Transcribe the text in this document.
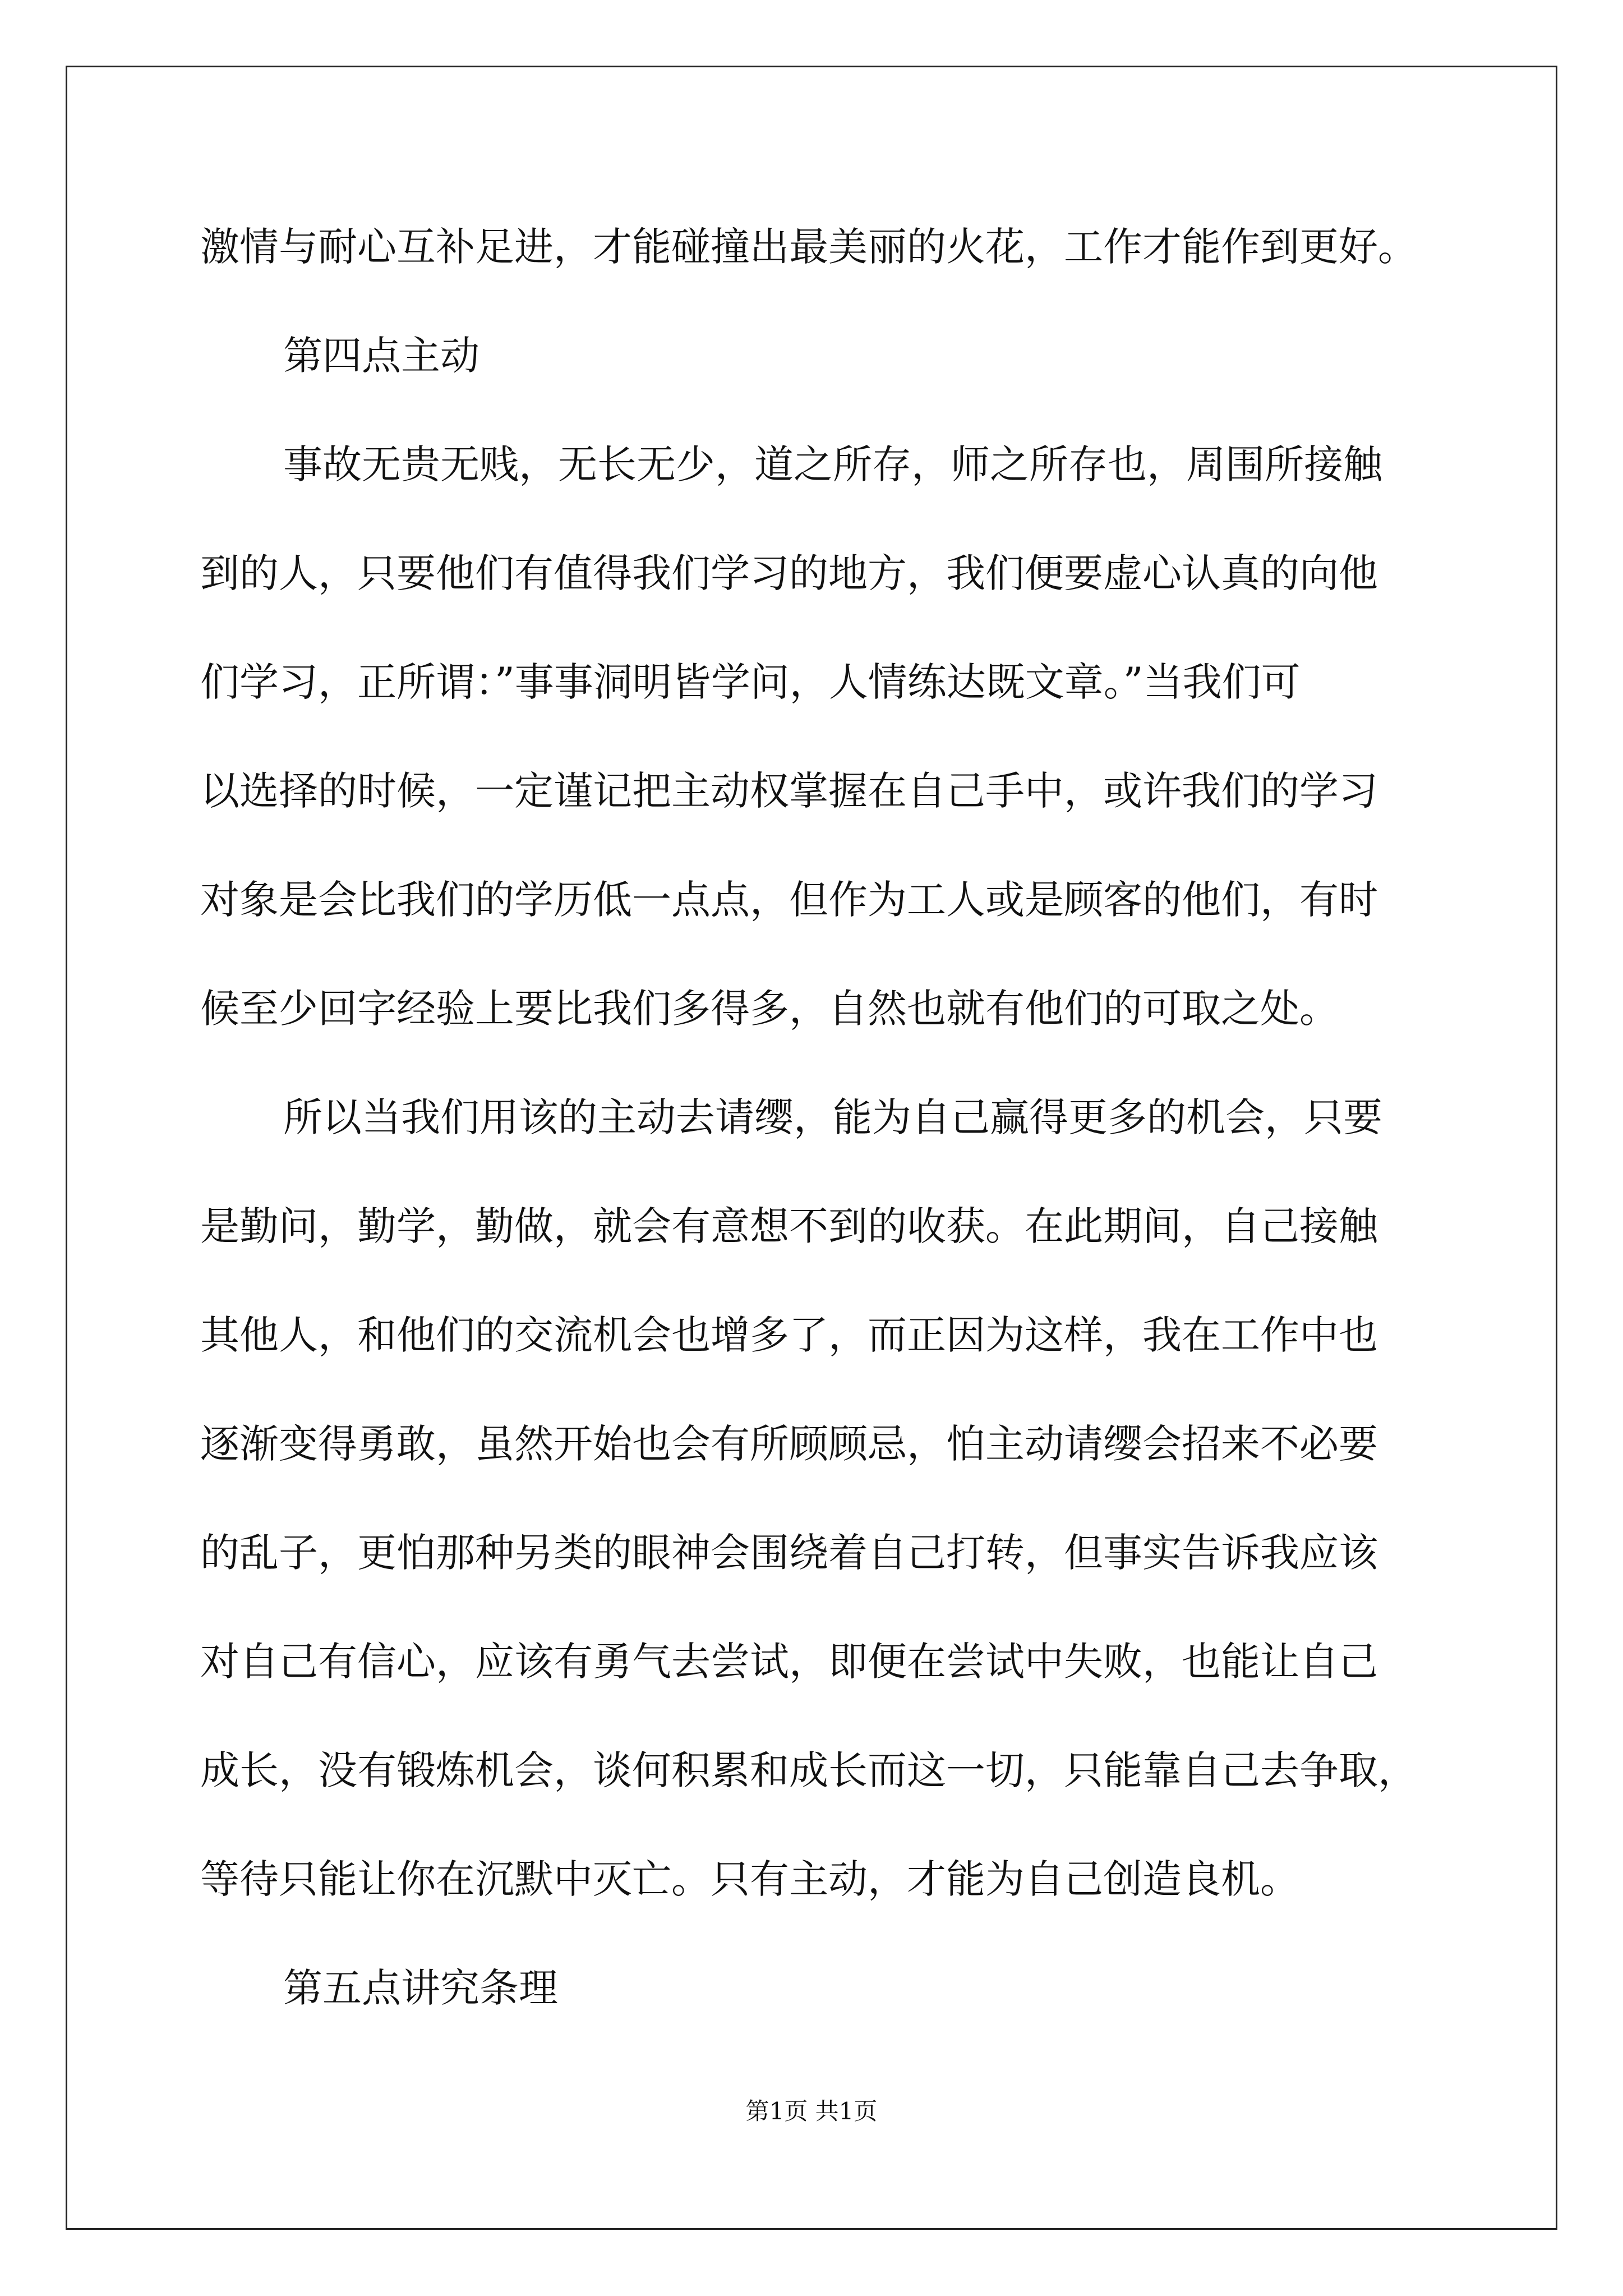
激情与耐心互补足进，才能碰撞出最美丽的火花，工作才能作到更好。
第四点主动
事故无贵无贱，无长无少，道之所存，师之所存也，周围所接触
到的人，只要他们有值得我们学习的地方，我们便要虚心认真的向他
们学习，正所谓：”事事洞明皆学问，人情练达既文章。”当我们可
以选择的时候，一定谨记把主动权掌握在自己手中，或许我们的学习
对象是会比我们的学历低一点点，但作为工人或是顾客的他们，有时
候至少回字经验上要比我们多得多，自然也就有他们的可取之处。
所以当我们用该的主动去请缨，能为自己赢得更多的机会，只要
是勤问，勤学，勤做，就会有意想不到的收获。在此期间，自己接触
其他人，和他们的交流机会也增多了，而正因为这样，我在工作中也
逐渐变得勇敢，虽然开始也会有所顾顾忌，怕主动请缨会招来不必要
的乱子，更怕那种另类的眼神会围绕着自己打转，但事实告诉我应该
对自己有信心，应该有勇气去尝试，即便在尝试中失败，也能让自己
成长，没有锻炼机会，谈何积累和成长而这一切，只能靠自己去争取，
等待只能让你在沉默中灭亡。只有主动，才能为自己创造良机。
第五点讲究条理
第1页 共1页
